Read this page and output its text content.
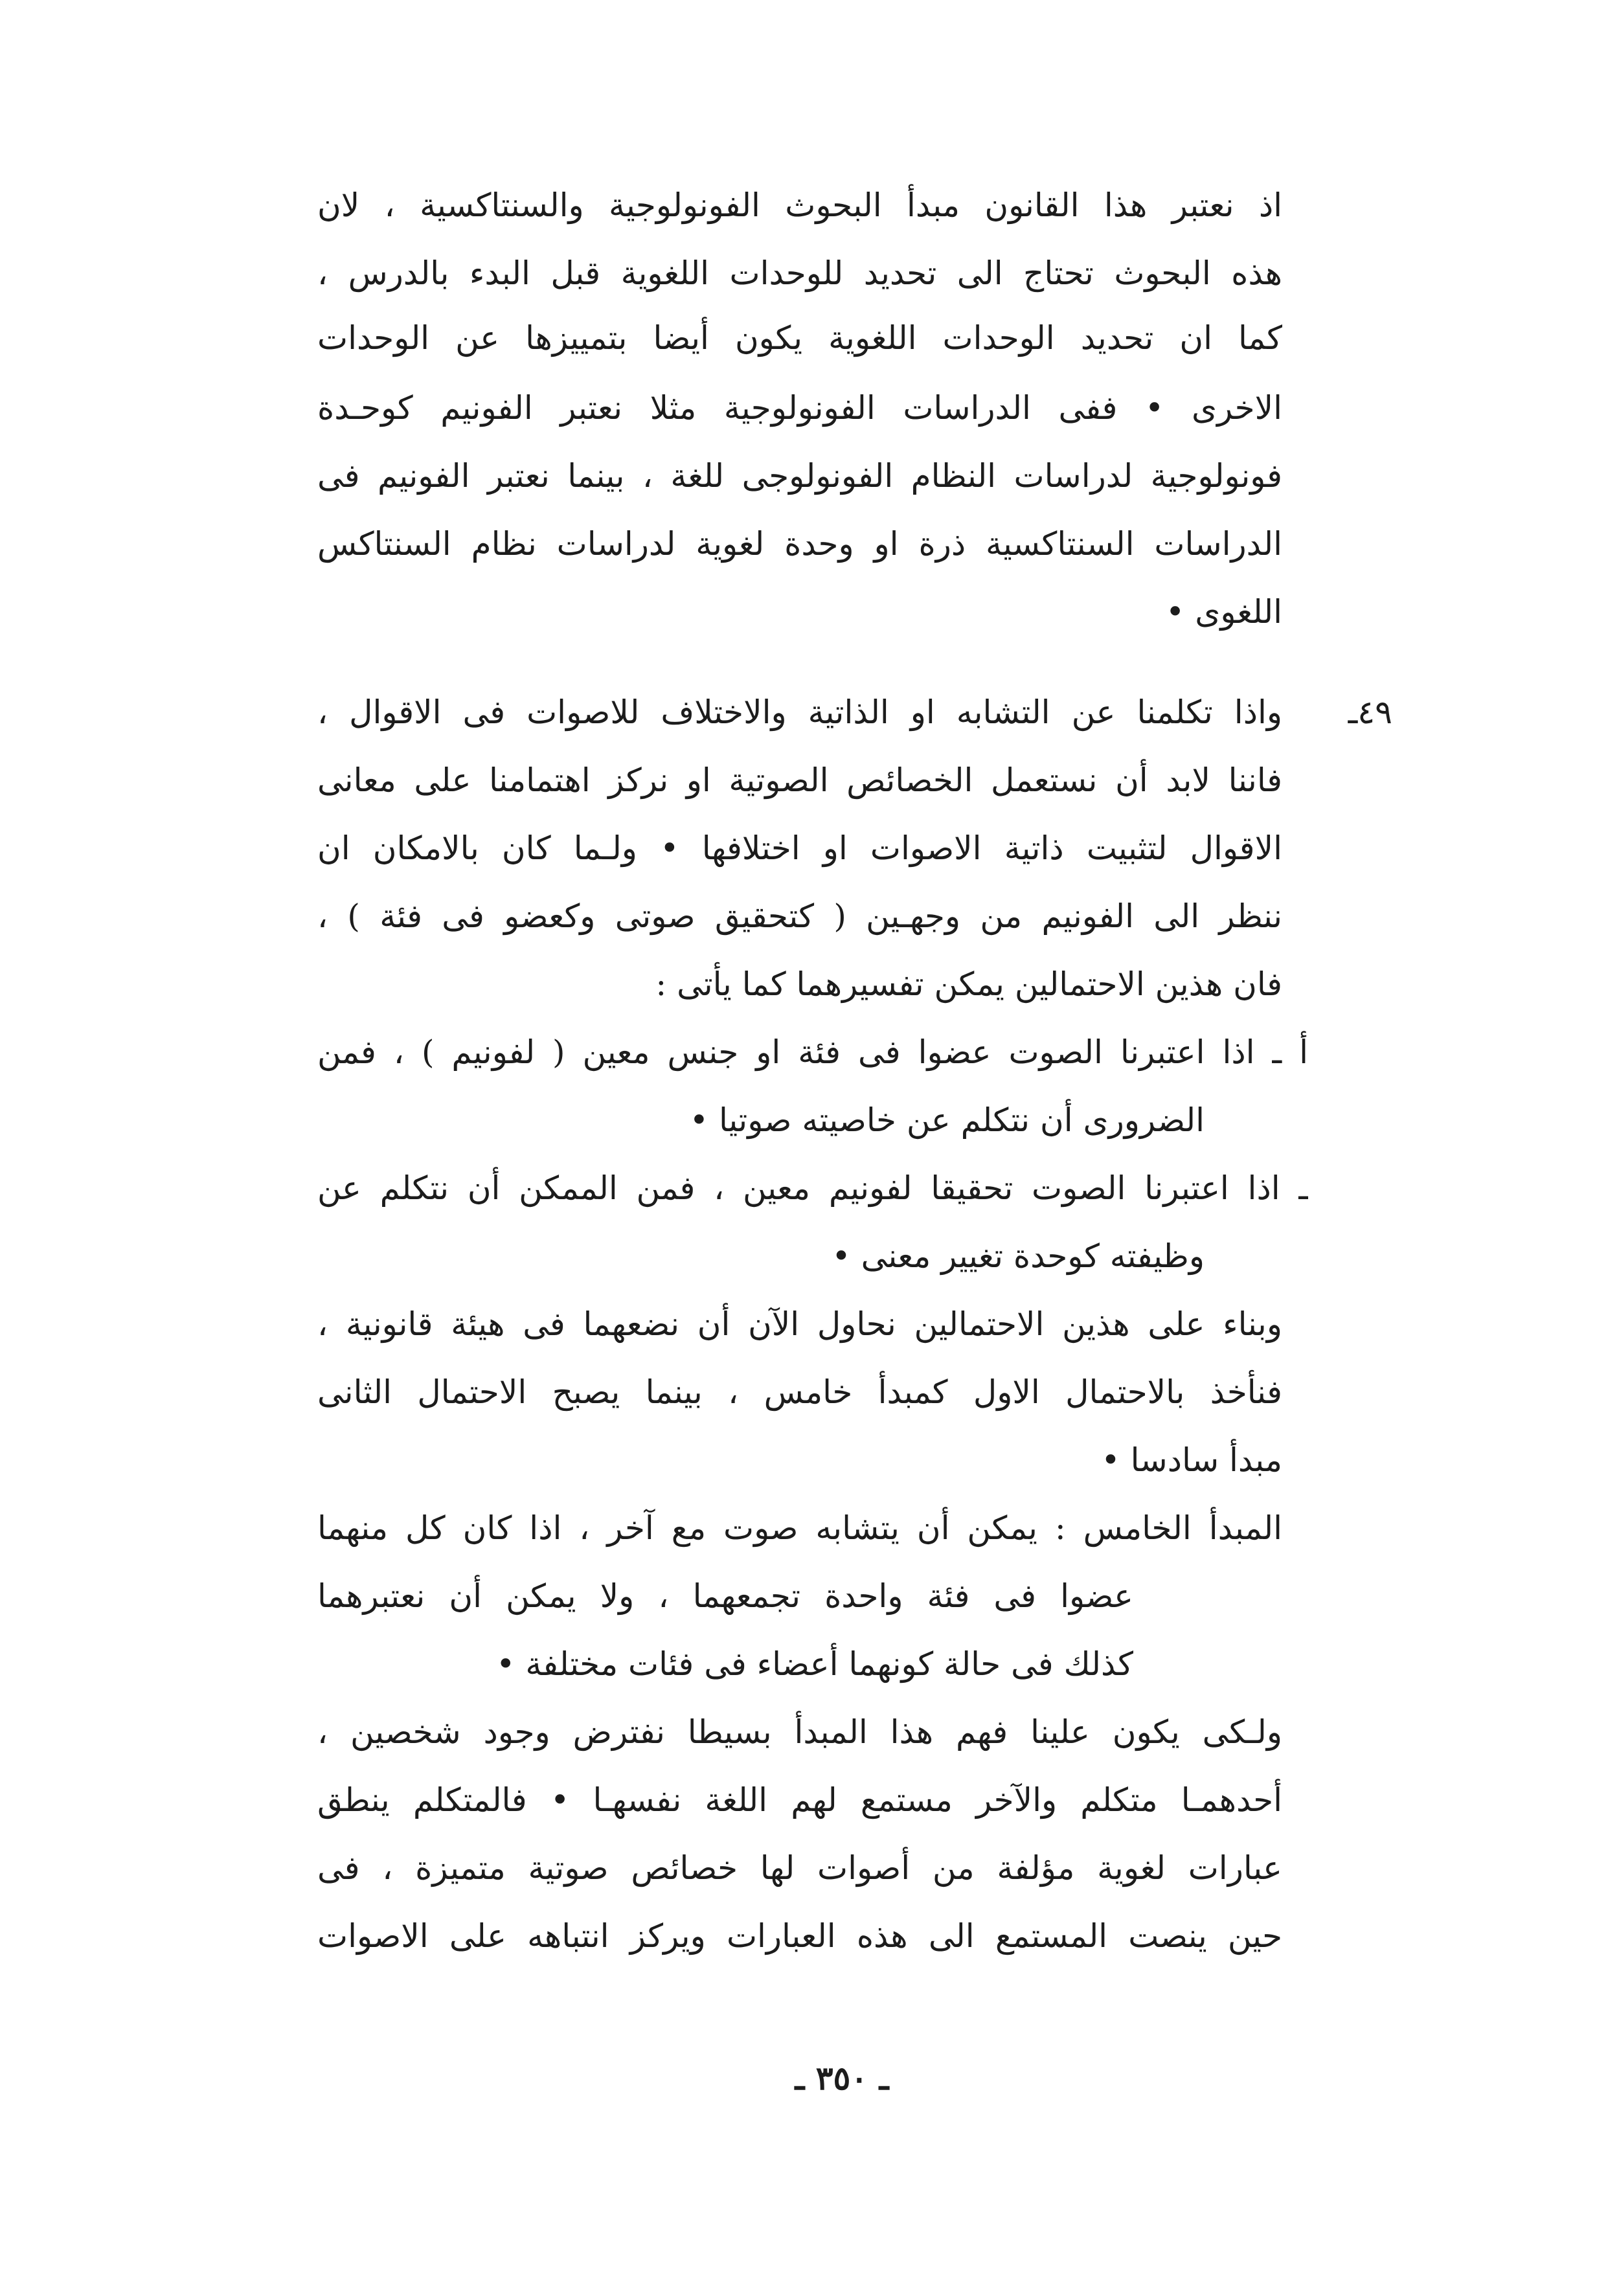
اذ نعتبر هذا القانون مبدأ البحوث الفونولوجية والسنتاكسية ، لان
هذه البحوث تحتاج الى تحديد للوحدات اللغوية قبل البدء بالدرس ،
كما ان تحديد الوحدات اللغوية يكون أيضا بتمييزها عن الوحدات
الاخرى • ففى الدراسات الفونولوجية مثلا نعتبر الفونيم كوحـدة
فونولوجية لدراسات النظام الفونولوجى للغة ، بينما نعتبر الفونيم فى
الدراسات السنتاكسية ذرة او وحدة لغوية لدراسات نظام السنتاكس
اللغوى •
٤٩ـ
واذا تكلمنا عن التشابه او الذاتية والاختلاف للاصوات فى الاقوال ،
فاننا لابد أن نستعمل الخصائص الصوتية او نركز اهتمامنا على معانى
الاقوال لتثبيت ذاتية الاصوات او اختلافها • ولـما كان بالامكان ان
ننظر الى الفونيم من وجهـين ( كتحقيق صوتى وكعضو فى فئة ) ،
فان هذين الاحتمالين يمكن تفسيرهما كما يأتى :
أ ـ اذا اعتبرنا الصوت عضوا فى فئة او جنس معين ( لفونيم ) ، فمن
الضرورى أن نتكلم عن خاصيته صوتيا •
ـ اذا اعتبرنا الصوت تحقيقا لفونيم معين ، فمن الممكن أن نتكلم عن
وظيفته كوحدة تغيير معنى •
وبناء على هذين الاحتمالين نحاول الآن أن نضعهما فى هيئة قانونية ،
فنأخذ بالاحتمال الاول كمبدأ خامس ، بينما يصبح الاحتمال الثانى
مبدأ سادسا •
المبدأ الخامس : يمكن أن يتشابه صوت مع آخر ، اذا كان كل منهما
عضوا فى فئة واحدة تجمعهما ، ولا يمكن أن نعتبرهما
كذلك فى حالة كونهما أعضاء فى فئات مختلفة •
ولـكى يكون علينا فهم هذا المبدأ بسيطا نفترض وجود شخصين ،
أحدهمـا متكلم والآخر مستمع لهم اللغة نفسهـا • فالمتكلم ينطق
عبارات لغوية مؤلفة من أصوات لها خصائص صوتية متميزة ، فى
حين ينصت المستمع الى هذه العبارات ويركز انتباهه على الاصوات
ـ ٣٥٠ ـ
